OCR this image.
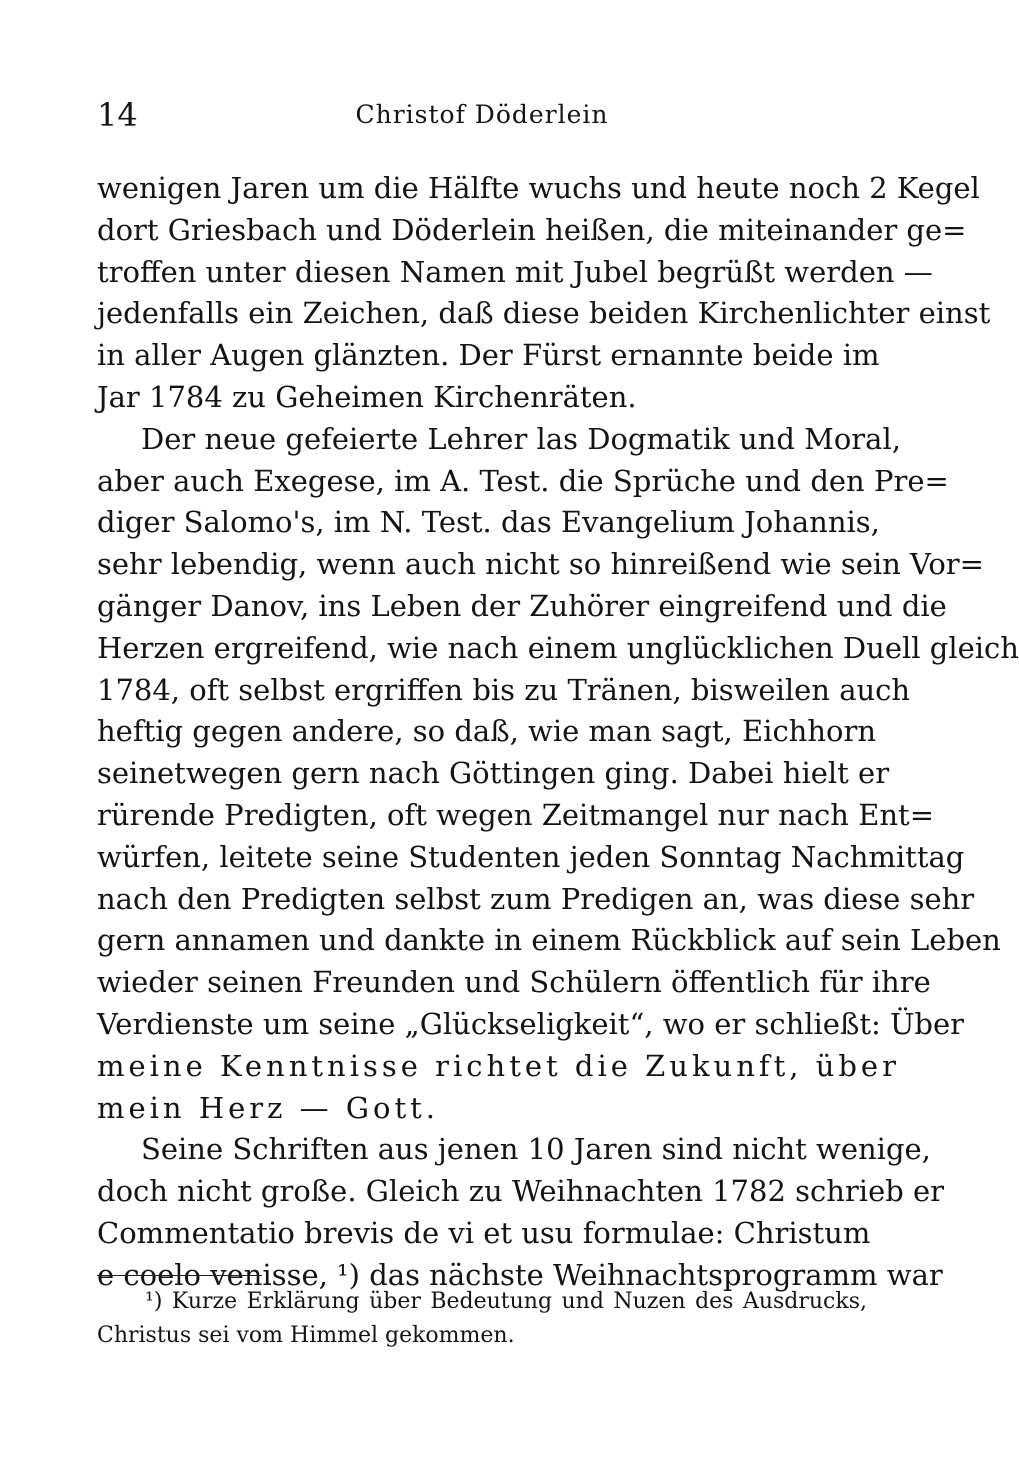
14	Christof Döderlein
wenigen Jaren um die Hälfte wuchs und heute noch 2 Kegel
dort Griesbach und Döderlein heißen, die miteinander ge=
troffen unter diesen Namen mit Jubel begrüßt werden —
jedenfalls ein Zeichen, daß diese beiden Kirchenlichter einst
in aller Augen glänzten. Der Fürst ernannte beide im
Jar 1784 zu Geheimen Kirchenräten.
Der neue gefeierte Lehrer las Dogmatik und Moral,
aber auch Exegese, im A. Test. die Sprüche und den Pre=
diger Salomo's, im N. Test. das Evangelium Johannis,
sehr lebendig, wenn auch nicht so hinreißend wie sein Vor=
gänger Danov, ins Leben der Zuhörer eingreifend und die
Herzen ergreifend, wie nach einem unglücklichen Duell gleich
1784, oft selbst ergriffen bis zu Tränen, bisweilen auch
heftig gegen andere, so daß, wie man sagt, Eichhorn
seinetwegen gern nach Göttingen ging. Dabei hielt er
rürende Predigten, oft wegen Zeitmangel nur nach Ent=
würfen, leitete seine Studenten jeden Sonntag Nachmittag
nach den Predigten selbst zum Predigen an, was diese sehr
gern annamen und dankte in einem Rückblick auf sein Leben
wieder seinen Freunden und Schülern öffentlich für ihre
Verdienste um seine „Glückseligkeit“, wo er schließt: Über
meine Kenntnisse richtet die Zukunft, über
mein Herz — Gott.
Seine Schriften aus jenen 10 Jaren sind nicht wenige,
doch nicht große. Gleich zu Weihnachten 1782 schrieb er
Commentatio brevis de vi et usu formulae: Christum
e coelo venisse, ¹) das nächste Weihnachtsprogramm war
¹) Kurze Erklärung über Bedeutung und Nuzen des Ausdrucks,
Christus sei vom Himmel gekommen.
